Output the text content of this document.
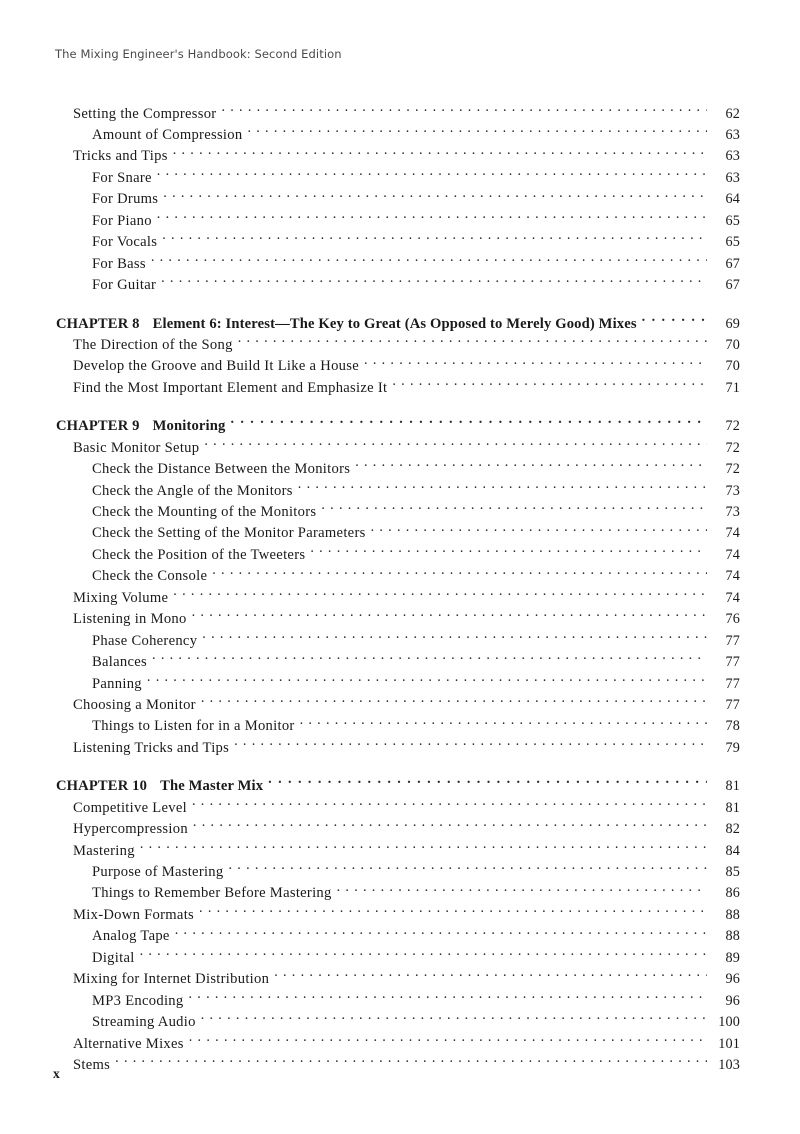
The Mixing Engineer's Handbook: Second Edition
Setting the Compressor . . .	62
Amount of Compression . . .	63
Tricks and Tips . . .	63
For Snare . . .	63
For Drums . . .	64
For Piano . . .	65
For Vocals . . .	65
For Bass . . .	67
For Guitar . . .	67
CHAPTER 8 Element 6: Interest—The Key to Great (As Opposed to Merely Good) Mixes . . .	69
The Direction of the Song . . .	70
Develop the Groove and Build It Like a House . . .	70
Find the Most Important Element and Emphasize It . . .	71
CHAPTER 9 Monitoring . . .	72
Basic Monitor Setup . . .	72
Check the Distance Between the Monitors . . .	72
Check the Angle of the Monitors . . .	73
Check the Mounting of the Monitors . . .	73
Check the Setting of the Monitor Parameters . . .	74
Check the Position of the Tweeters . . .	74
Check the Console . . .	74
Mixing Volume . . .	74
Listening in Mono . . .	76
Phase Coherency . . .	77
Balances . . .	77
Panning . . .	77
Choosing a Monitor . . .	77
Things to Listen for in a Monitor . . .	78
Listening Tricks and Tips . . .	79
CHAPTER 10 The Master Mix . . .	81
Competitive Level . . .	81
Hypercompression . . .	82
Mastering . . .	84
Purpose of Mastering . . .	85
Things to Remember Before Mastering . . .	86
Mix-Down Formats . . .	88
Analog Tape . . .	88
Digital . . .	89
Mixing for Internet Distribution . . .	96
MP3 Encoding . . .	96
Streaming Audio . . .	100
Alternative Mixes . . .	101
Stems . . .	103
x
